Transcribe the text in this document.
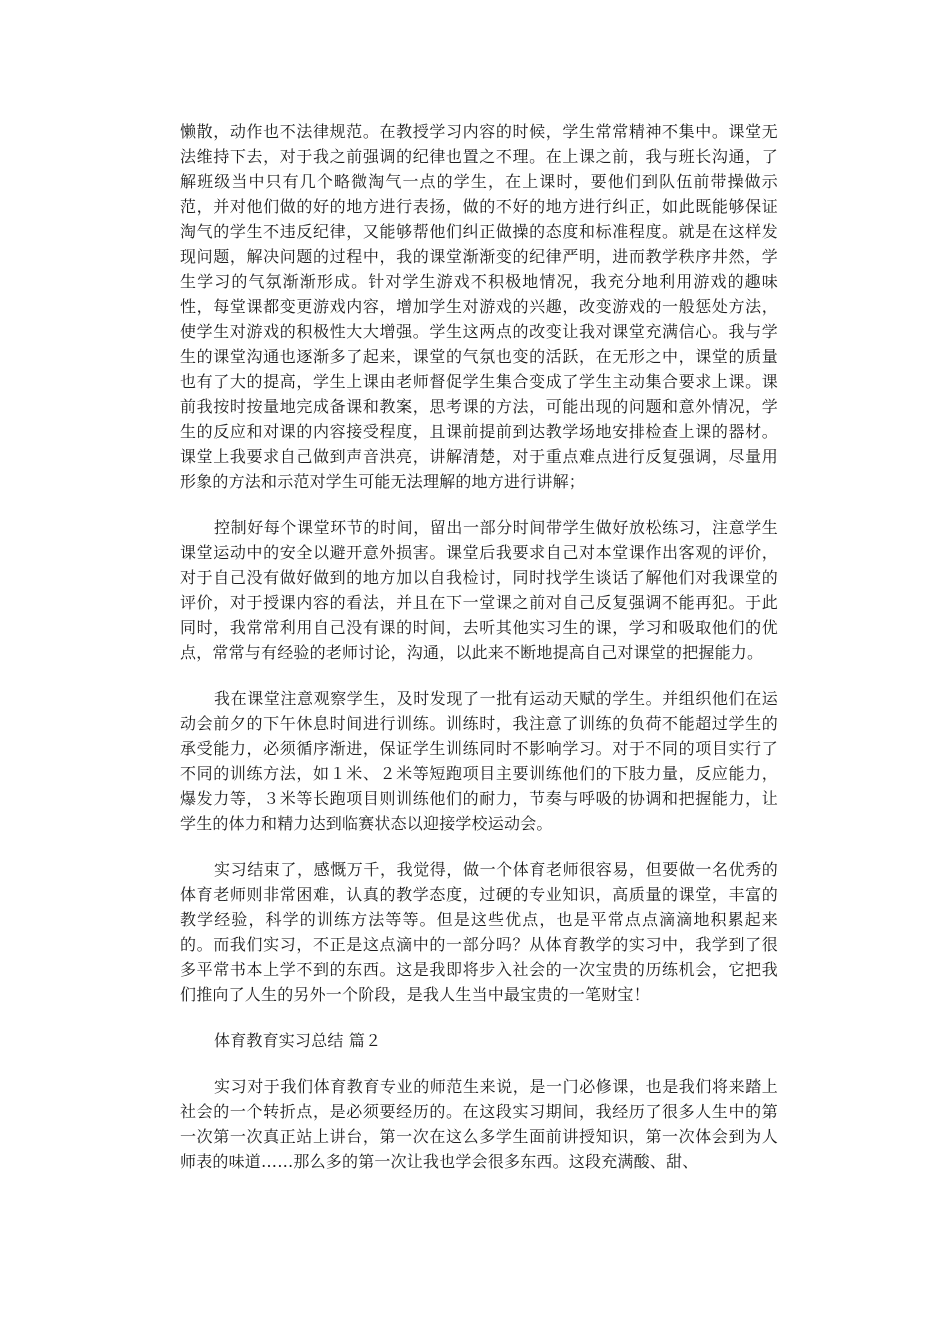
懒散，动作也不法律规范。在教授学习内容的时候，学生常常精神不集中。课堂无法维持下去，对于我之前强调的纪律也置之不理。在上课之前，我与班长沟通，了解班级当中只有几个略微淘气一点的学生，在上课时，要他们到队伍前带操做示范，并对他们做的好的地方进行表扬，做的不好的地方进行纠正，如此既能够保证淘气的学生不违反纪律，又能够帮他们纠正做操的态度和标准程度。就是在这样发现问题，解决问题的过程中，我的课堂渐渐变的纪律严明，进而教学秩序井然，学生学习的气氛渐渐形成。针对学生游戏不积极地情况，我充分地利用游戏的趣味性，每堂课都变更游戏内容，增加学生对游戏的兴趣，改变游戏的一般惩处方法，使学生对游戏的积极性大大增强。学生这两点的改变让我对课堂充满信心。我与学生的课堂沟通也逐渐多了起来，课堂的气氛也变的活跃，在无形之中，课堂的质量也有了大的提高，学生上课由老师督促学生集合变成了学生主动集合要求上课。课前我按时按量地完成备课和教案，思考课的方法，可能出现的问题和意外情况，学生的反应和对课的内容接受程度，且课前提前到达教学场地安排检查上课的器材。课堂上我要求自己做到声音洪亮，讲解清楚，对于重点难点进行反复强调，尽量用形象的方法和示范对学生可能无法理解的地方进行讲解；

控制好每个课堂环节的时间，留出一部分时间带学生做好放松练习，注意学生课堂运动中的安全以避开意外损害。课堂后我要求自己对本堂课作出客观的评价，对于自己没有做好做到的地方加以自我检讨，同时找学生谈话了解他们对我课堂的评价，对于授课内容的看法，并且在下一堂课之前对自己反复强调不能再犯。于此同时，我常常利用自己没有课的时间，去听其他实习生的课，学习和吸取他们的优点，常常与有经验的老师讨论，沟通，以此来不断地提高自己对课堂的把握能力。

我在课堂注意观察学生，及时发现了一批有运动天赋的学生。并组织他们在运动会前夕的下午休息时间进行训练。训练时，我注意了训练的负荷不能超过学生的承受能力，必须循序渐进，保证学生训练同时不影响学习。对于不同的项目实行了不同的训练方法，如１米、２米等短跑项目主要训练他们的下肢力量，反应能力，爆发力等，３米等长跑项目则训练他们的耐力，节奏与呼吸的协调和把握能力，让学生的体力和精力达到临赛状态以迎接学校运动会。

实习结束了，感慨万千，我觉得，做一个体育老师很容易，但要做一名优秀的体育老师则非常困难，认真的教学态度，过硬的专业知识，高质量的课堂，丰富的教学经验，科学的训练方法等等。但是这些优点，也是平常点点滴滴地积累起来的。而我们实习，不正是这点滴中的一部分吗？从体育教学的实习中，我学到了很多平常书本上学不到的东西。这是我即将步入社会的一次宝贵的历练机会，它把我们推向了人生的另外一个阶段，是我人生当中最宝贵的一笔财宝！

体育教育实习总结 篇２

实习对于我们体育教育专业的师范生来说，是一门必修课，也是我们将来踏上社会的一个转折点，是必须要经历的。在这段实习期间，我经历了很多人生中的第一次第一次真正站上讲台，第一次在这么多学生面前讲授知识，第一次体会到为人师表的味道……那么多的第一次让我也学会很多东西。这段充满酸、甜、
